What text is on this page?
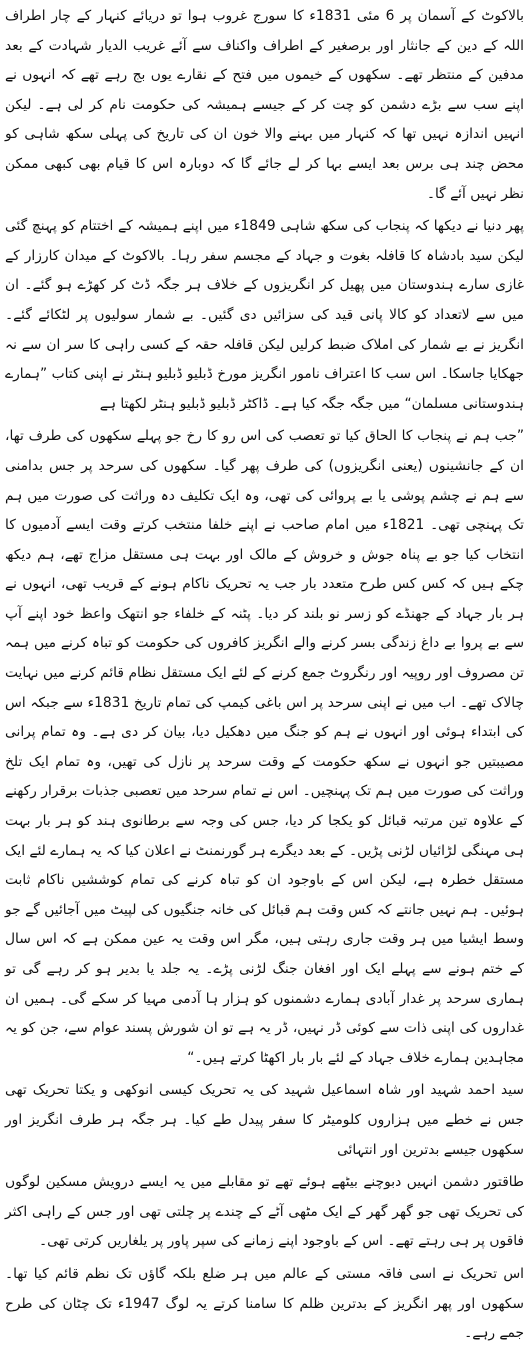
بالاکوٹ کے آسمان پر 6 مئی 1831ء کا سورج غروب ہوا تو دریائے کنہار کے چار اطراف اللہ کے دین کے جانثار اور برصغیر کے اطراف واکناف سے آئے غریب الدیار شہادت کے بعد مدفین کے منتظر تھے۔ سکھوں کے خیموں میں فتح کے نقارے یوں بج رہے تھے کہ انہوں نے اپنے سب سے بڑے دشمن کو چت کر کے جیسے ہمیشہ کی حکومت نام کر لی ہے۔ لیکن انہیں اندازہ نہیں تھا کہ کنہار میں بہنے والا خون ان کی تاریخ کی پہلی سکھ شاہی کو محض چند ہی برس بعد ایسے بہا کر لے جائے گا کہ دوبارہ اس کا قیام بھی کبھی ممکن نظر نہیں آئے گا۔

پھر دنیا نے دیکھا کہ پنجاب کی سکھ شاہی 1849ء میں اپنے ہمیشہ کے اختتام کو پہنچ گئی لیکن سید بادشاہ کا قافلہ بغوت و جہاد کے مجسم سفر رہا۔ بالاکوٹ کے میدان کارزار کے غازی سارے ہندوستان میں پھیل کر انگریزوں کے خلاف ہر جگہ ڈٹ کر کھڑے ہو گئے۔ ان میں سے لاتعداد کو کالا پانی قید کی سزائیں دی گئیں۔ بے شمار سولیوں پر لٹکائے گئے۔ انگریز نے بے شمار کی املاک ضبط کرلیں لیکن قافلہ حقہ کے کسی راہی کا سر ان سے نہ جھکایا جاسکا۔ اس سب کا اعتراف نامور انگریز مورخ ڈبلیو ڈبلیو ہنٹر نے اپنی کتاب ”ہمارے ہندوستانی مسلمان“ میں جگہ جگہ کیا ہے۔ ڈاکٹر ڈبلیو ڈبلیو ہنٹر لکھتا ہے

”جب ہم نے پنجاب کا الحاق کیا تو تعصب کی اس رو کا رخ جو پہلے سکھوں کی طرف تھا، ان کے جانشینوں (یعنی انگریزوں) کی طرف پھر گیا۔ سکھوں کی سرحد پر جس بدامنی سے ہم نے چشم پوشی یا بے پروائی کی تھی، وہ ایک تکلیف دہ وراثت کی صورت میں ہم تک پہنچی تھی۔ 1821ء میں امام صاحب نے اپنے خلفا منتخب کرتے وقت ایسے آدمیوں کا انتخاب کیا جو بے پناہ جوش و خروش کے مالک اور بہت ہی مستقل مزاج تھے، ہم دیکھ چکے ہیں کہ کس کس طرح متعدد بار جب یہ تحریک ناکام ہونے کے قریب تھی، انہوں نے ہر بار جہاد کے جھنڈے کو زسر نو بلند کر دیا۔ پٹنہ کے خلفاء جو انتھک واعظ خود اپنے آپ سے بے پروا بے داغ زندگی بسر کرنے والے انگریز کافروں کی حکومت کو تباہ کرنے میں ہمہ تن مصروف اور روپیہ اور رنگروٹ جمع کرنے کے لئے ایک مستقل نظام قائم کرنے میں نہایت چالاک تھے۔ اب میں نے اپنی سرحد پر اس باغی کیمپ کی تمام تاریخ 1831ء سے جبکہ اس کی ابتداء ہوئی اور انہوں نے ہم کو جنگ میں دھکیل دیا، بیان کر دی ہے۔ وہ تمام پرانی مصیبتیں جو انہوں نے سکھ حکومت کے وقت سرحد پر نازل کی تھیں، وہ تمام ایک تلخ وراثت کی صورت میں ہم تک پہنچیں۔ اس نے تمام سرحد میں تعصبی جذبات برقرار رکھنے کے علاوہ تین مرتبہ قبائل کو یکجا کر دیا، جس کی وجہ سے برطانوی ہند کو ہر بار بہت ہی مہنگی لڑائیاں لڑنی پڑیں۔ کے بعد دیگرے ہر گورنمنٹ نے اعلان کیا کہ یہ ہمارے لئے ایک مستقل خطرہ ہے، لیکن اس کے باوجود ان کو تباہ کرنے کی تمام کوششیں ناکام ثابت ہوئیں۔ ہم نہیں جانتے کہ کس وقت ہم قبائل کی خانہ جنگیوں کی لپیٹ میں آجائیں گے جو وسط ایشیا میں ہر وقت جاری رہتی ہیں، مگر اس وقت یہ عین ممکن ہے کہ اس سال کے ختم ہونے سے پہلے ایک اور افغان جنگ لڑنی پڑے۔ یہ جلد یا بدیر ہو کر رہے گی تو ہماری سرحد پر غدار آبادی ہمارے دشمنوں کو ہزار ہا آدمی مہیا کر سکے گی۔ ہمیں ان غداروں کی اپنی ذات سے کوئی ڈر نہیں، ڈر یہ ہے تو ان شورش پسند عوام سے، جن کو یہ مجاہدین ہمارے خلاف جہاد کے لئے بار بار اکھٹا کرتے ہیں۔“

سید احمد شہید اور شاہ اسماعیل شہید کی یہ تحریک کیسی انوکھی و یکتا تحریک تھی جس نے خطے میں ہزاروں کلومیٹر کا سفر پیدل طے کیا۔ ہر جگہ ہر طرف انگریز اور سکھوں جیسے بدترین اور انتہائی

طاقتور دشمن انہیں دبوچنے بیٹھے ہوئے تھے تو مقابلے میں یہ ایسے درویش مسکین لوگوں کی تحریک تھی جو گھر گھر کے ایک مٹھی آٹے کے چندے پر چلتی تھی اور جس کے راہی اکثر فاقوں پر ہی رہتے تھے۔ اس کے باوجود اپنے زمانے کی سپر پاور پر یلغاریں کرتی تھی۔

اس تحریک نے اسی فاقہ مستی کے عالم میں ہر ضلع بلکہ گاؤں تک نظم قائم کیا تھا۔ سکھوں اور پھر انگریز کے بدترین ظلم کا سامنا کرتے یہ لوگ 1947ء تک چٹان کی طرح جمے رہے۔
